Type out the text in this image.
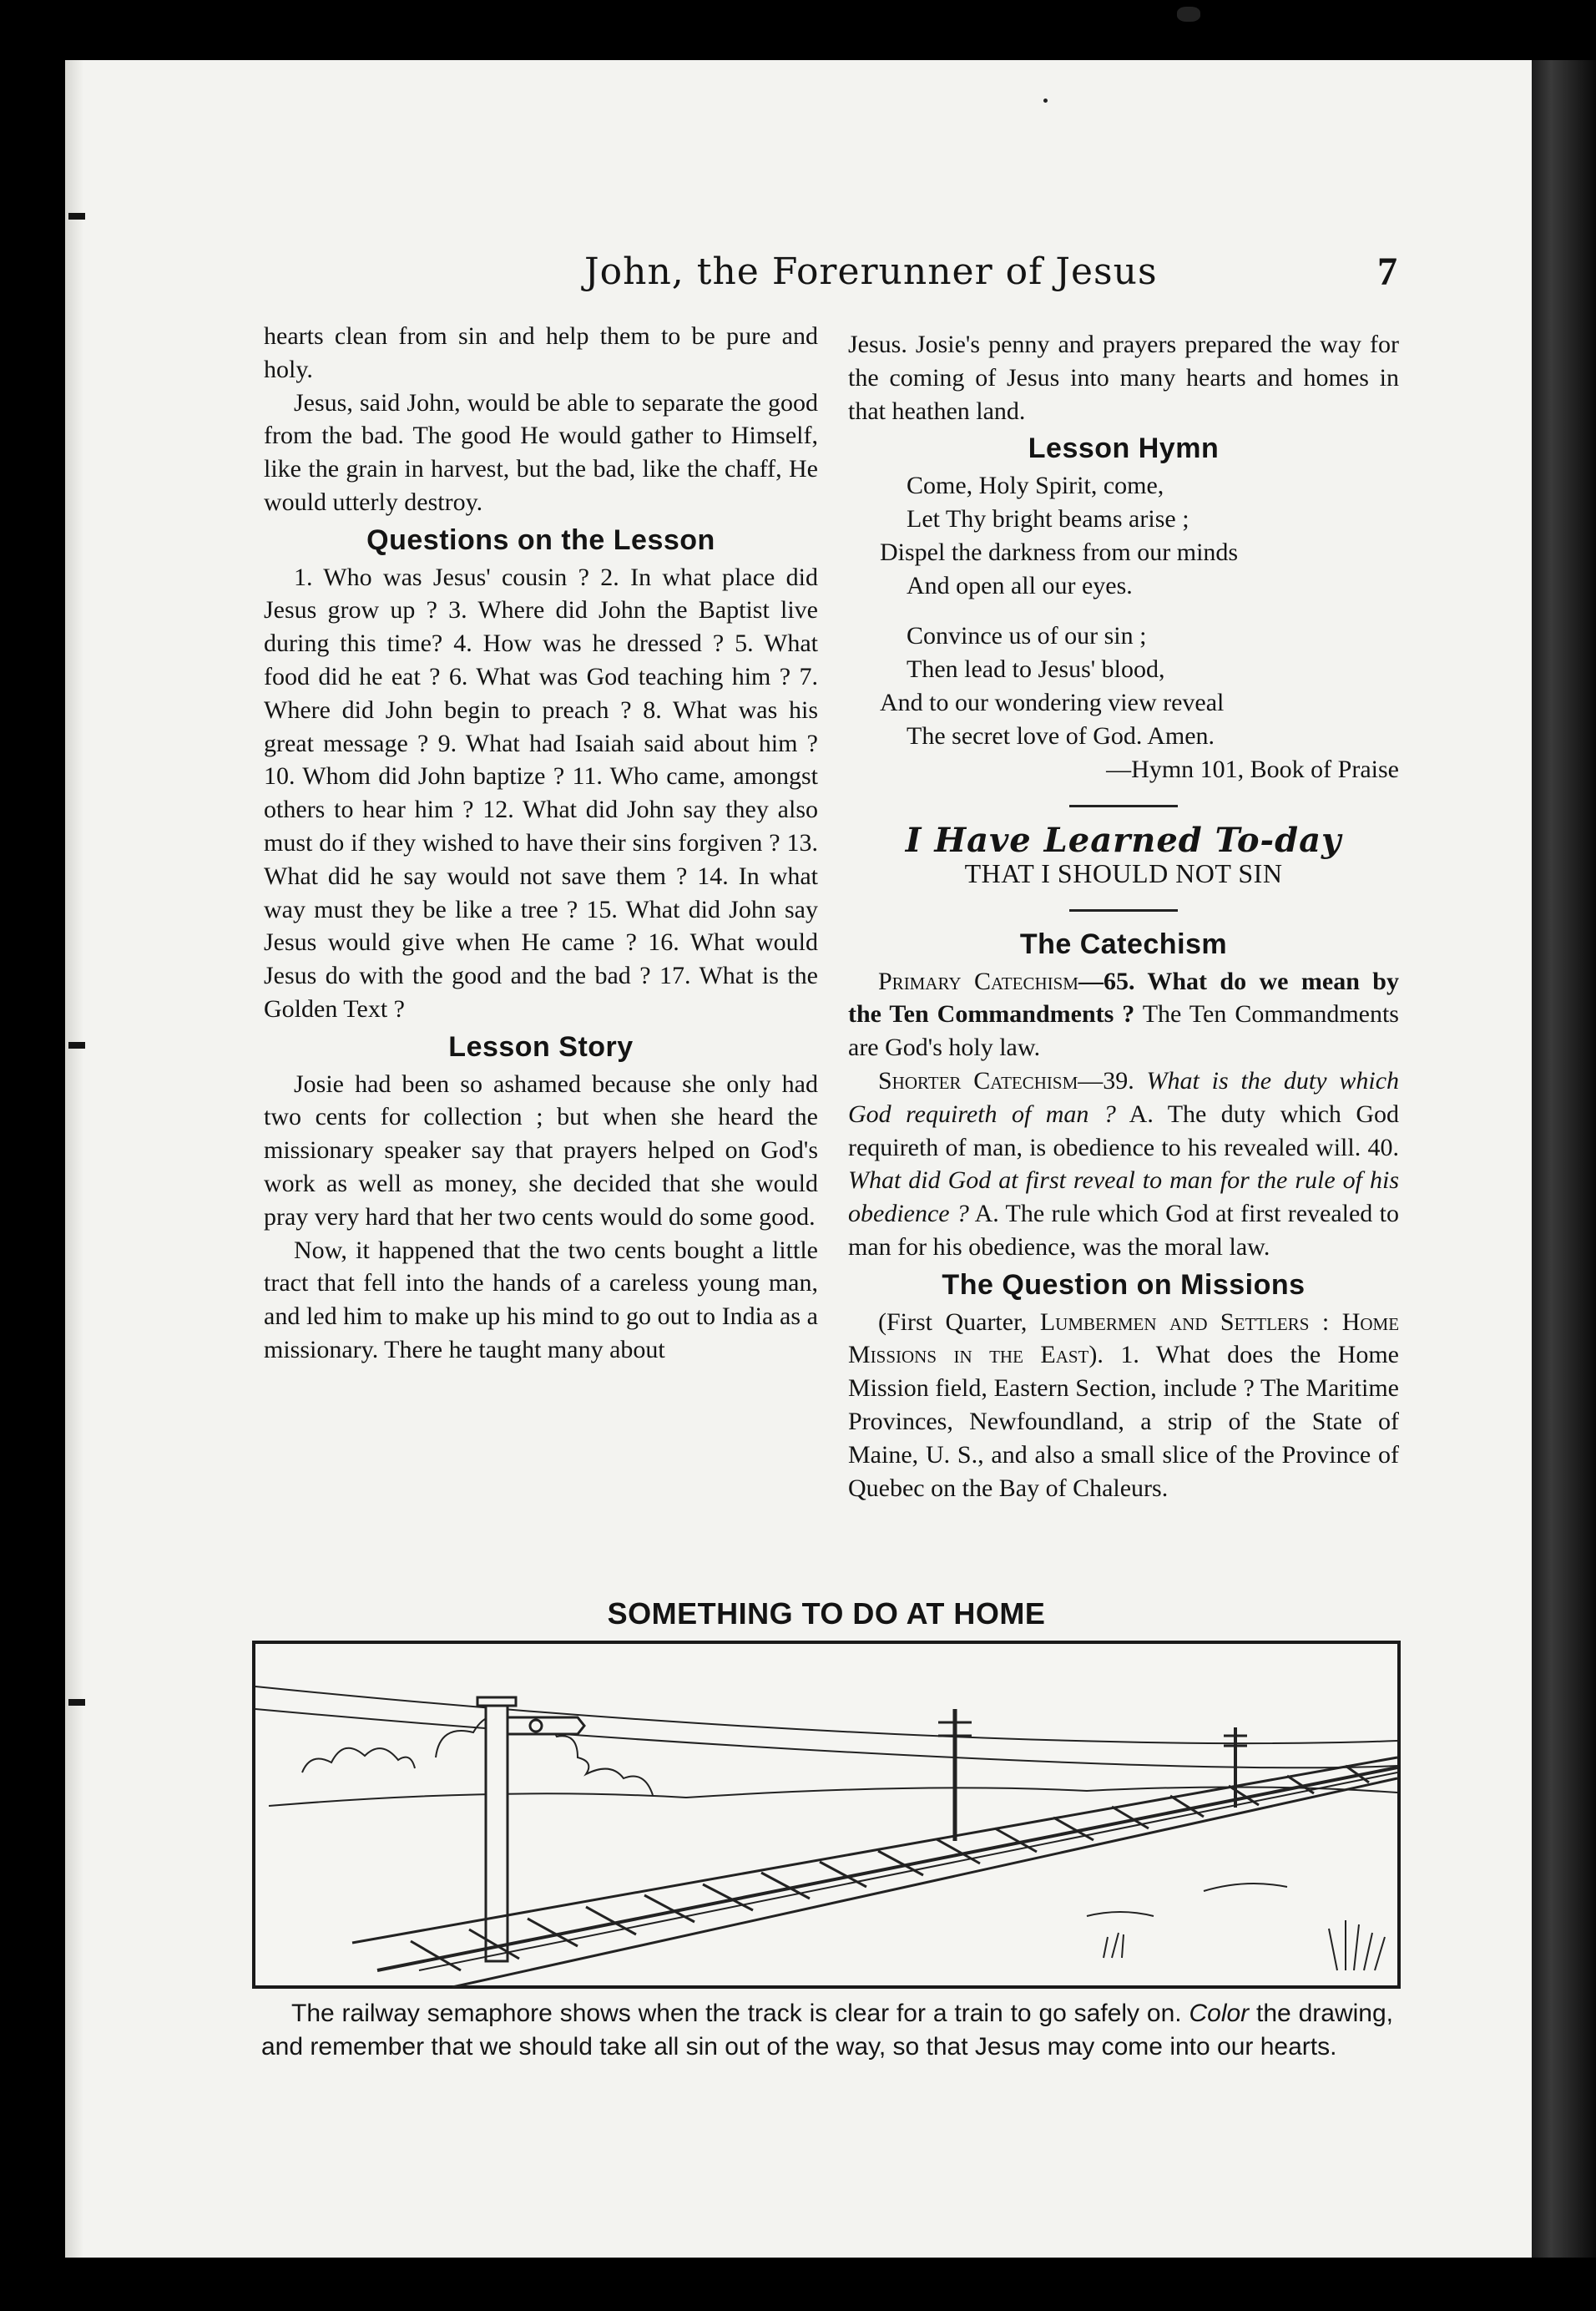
John, the Forerunner of Jesus	7

hearts clean from sin and help them to be pure and holy.

Jesus, said John, would be able to separate the good from the bad. The good He would gather to Himself, like the grain in harvest, but the bad, like the chaff, He would utterly destroy.

Questions on the Lesson

1. Who was Jesus' cousin ? 2. In what place did Jesus grow up ? 3. Where did John the Baptist live during this time? 4. How was he dressed ? 5. What food did he eat ? 6. What was God teaching him ? 7. Where did John begin to preach ? 8. What was his great message ? 9. What had Isaiah said about him ? 10. Whom did John baptize ? 11. Who came, amongst others to hear him ? 12. What did John say they also must do if they wished to have their sins forgiven ? 13. What did he say would not save them ? 14. In what way must they be like a tree ? 15. What did John say Jesus would give when He came ? 16. What would Jesus do with the good and the bad ? 17. What is the Golden Text ?

Lesson Story

Josie had been so ashamed because she only had two cents for collection ; but when she heard the missionary speaker say that prayers helped on God's work as well as money, she decided that she would pray very hard that her two cents would do some good.

Now, it happened that the two cents bought a little tract that fell into the hands of a careless young man, and led him to make up his mind to go out to India as a missionary. There he taught many about

Jesus. Josie's penny and prayers prepared the way for the coming of Jesus into many hearts and homes in that heathen land.

Lesson Hymn
Come, Holy Spirit, come,
Let Thy bright beams arise ;
Dispel the darkness from our minds
And open all our eyes.
Convince us of our sin ;
Then lead to Jesus' blood,
And to our wondering view reveal
The secret love of God. Amen.
—Hymn 101, Book of Praise
I Have Learned To-day
THAT I SHOULD NOT SIN
The Catechism

Primary Catechism—65. What do we mean by the Ten Commandments ? The Ten Commandments are God's holy law.

Shorter Catechism—39. What is the duty which God requireth of man ? A. The duty which God requireth of man, is obedience to his revealed will. 40. What did God at first reveal to man for the rule of his obedience ? A. The rule which God at first revealed to man for his obedience, was the moral law.

The Question on Missions

(First Quarter, Lumbermen and Settlers : Home Missions in the East). 1. What does the Home Mission field, Eastern Section, include ? The Maritime Provinces, Newfoundland, a strip of the State of Maine, U. S., and also a small slice of the Province of Quebec on the Bay of Chaleurs.

SOMETHING TO DO AT HOME
The railway semaphore shows when the track is clear for a train to go safely on. Color the drawing, and remember that we should take all sin out of the way, so that Jesus may come into our hearts.
